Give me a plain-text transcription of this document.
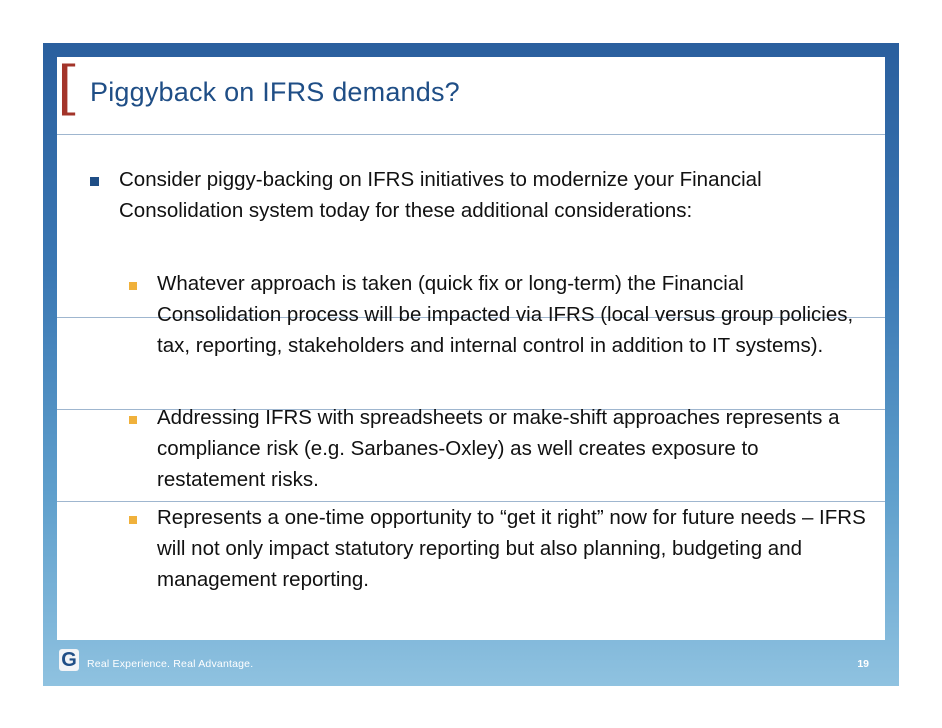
[ Piggyback on IFRS demands?
Consider piggy-backing on IFRS initiatives to modernize your Financial Consolidation system today for these additional considerations:
Whatever approach is taken (quick fix or long-term) the Financial Consolidation process will be impacted via IFRS (local versus group policies, tax, reporting, stakeholders and internal control in addition to IT systems).
Addressing IFRS with spreadsheets or make-shift approaches represents a compliance risk (e.g. Sarbanes-Oxley) as well creates exposure to restatement risks.
Represents a one-time opportunity to “get it right” now for future needs – IFRS will not only impact statutory reporting but also planning, budgeting and management reporting.
G Real Experience. Real Advantage.	19
